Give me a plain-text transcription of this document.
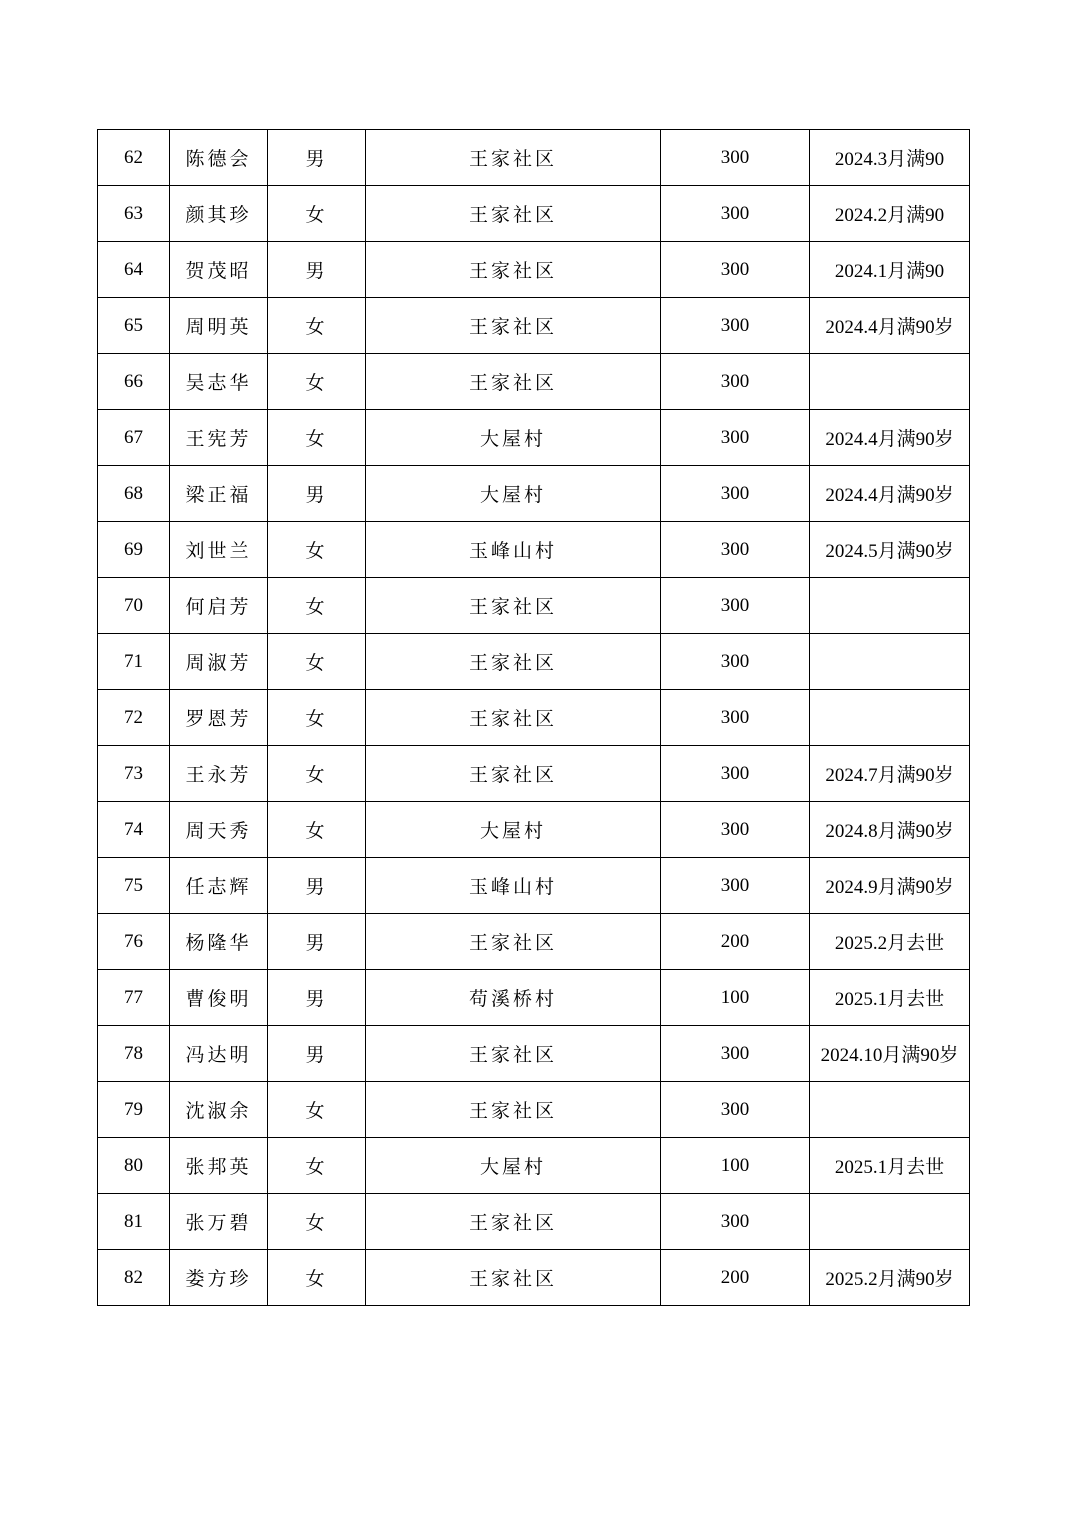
62	陈德会	男	王家社区	300	2024.3月满90
63	颜其珍	女	王家社区	300	2024.2月满90
64	贺茂昭	男	王家社区	300	2024.1月满90
65	周明英	女	王家社区	300	2024.4月满90岁
66	吴志华	女	王家社区	300	
67	王宪芳	女	大屋村	300	2024.4月满90岁
68	梁正福	男	大屋村	300	2024.4月满90岁
69	刘世兰	女	玉峰山村	300	2024.5月满90岁
70	何启芳	女	王家社区	300	
71	周淑芳	女	王家社区	300	
72	罗恩芳	女	王家社区	300	
73	王永芳	女	王家社区	300	2024.7月满90岁
74	周天秀	女	大屋村	300	2024.8月满90岁
75	任志辉	男	玉峰山村	300	2024.9月满90岁
76	杨隆华	男	王家社区	200	2025.2月去世
77	曹俊明	男	苟溪桥村	100	2025.1月去世
78	冯达明	男	王家社区	300	2024.10月满90岁
79	沈淑余	女	王家社区	300	
80	张邦英	女	大屋村	100	2025.1月去世
81	张万碧	女	王家社区	300	
82	娄方珍	女	王家社区	200	2025.2月满90岁
